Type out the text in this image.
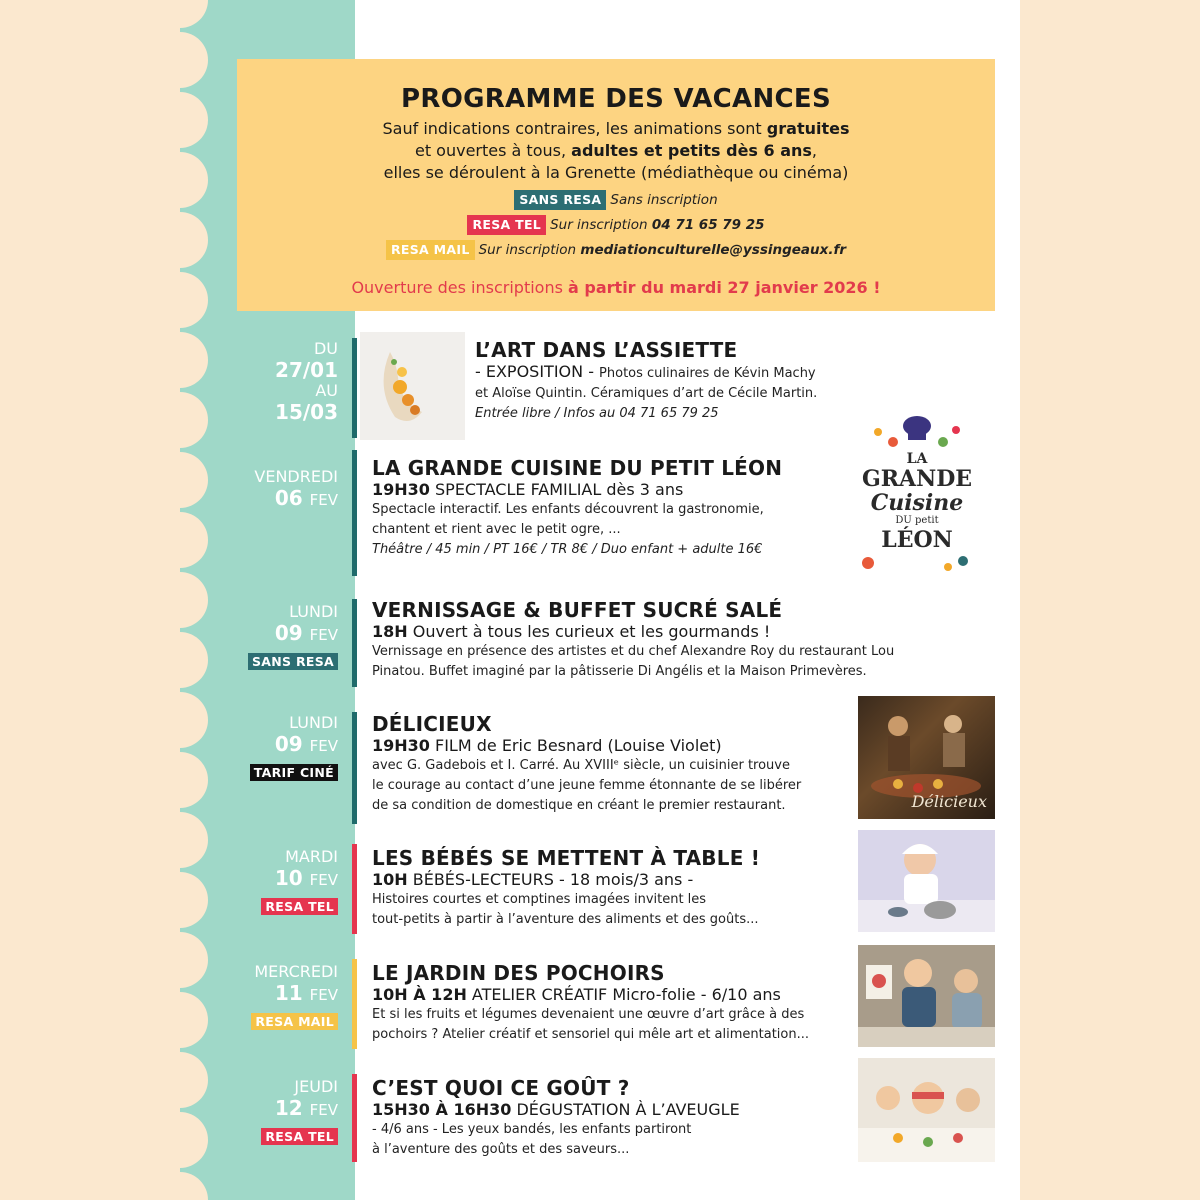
PROGRAMME DES VACANCES
Sauf indications contraires, les animations sont gratuites
et ouvertes à tous, adultes et petits dès 6 ans,
elles se déroulent à la Grenette (médiathèque ou cinéma)
SANS RESA Sans inscription
RESA TEL Sur inscription 04 71 65 79 25
RESA MAIL Sur inscription mediationculturelle@yssingeaux.fr
Ouverture des inscriptions à partir du mardi 27 janvier 2026 !
DU
27/01
AU
15/03
L’ART DANS L’ASSIETTE
- EXPOSITION - Photos culinaires de Kévin Machy
et Aloïse Quintin. Céramiques d’art de Cécile Martin.
Entrée libre / Infos au 04 71 65 79 25
VENDREDI
06 FEV
LA GRANDE CUISINE DU PETIT LÉON
19H30 SPECTACLE FAMILIAL dès 3 ans
Spectacle interactif. Les enfants découvrent la gastronomie,
chantent et rient avec le petit ogre, ...
Théâtre / 45 min / PT 16€ / TR 8€ / Duo enfant + adulte 16€
LA
GRANDE
Cuisine
DU petit
LÉON
LUNDI
09 FEV
SANS RESA
VERNISSAGE & BUFFET SUCRÉ SALÉ
18H Ouvert à tous les curieux et les gourmands !
Vernissage en présence des artistes et du chef Alexandre Roy du restaurant Lou
Pinatou. Buffet imaginé par la pâtisserie Di Angélis et la Maison Primevères.
LUNDI
09 FEV
TARIF CINÉ
DÉLICIEUX
19H30 FILM de Eric Besnard (Louise Violet)
avec G. Gadebois et I. Carré. Au XVIIIᵉ siècle, un cuisinier trouve
le courage au contact d’une jeune femme étonnante de se libérer
de sa condition de domestique en créant le premier restaurant.	Délicieux
MARDI
10 FEV
RESA TEL
LES BÉBÉS SE METTENT À TABLE !
10H BÉBÉS-LECTEURS - 18 mois/3 ans -
Histoires courtes et comptines imagées invitent les
tout-petits à partir à l’aventure des aliments et des goûts...
MERCREDI
11 FEV
RESA MAIL
LE JARDIN DES POCHOIRS
10H À 12H ATELIER CRÉATIF Micro-folie - 6/10 ans
Et si les fruits et légumes devenaient une œuvre d’art grâce à des
pochoirs ? Atelier créatif et sensoriel qui mêle art et alimentation...
JEUDI
12 FEV
RESA TEL
C’EST QUOI CE GOÛT ?
15H30 À 16H30 DÉGUSTATION À L’AVEUGLE
- 4/6 ans - Les yeux bandés, les enfants partiront
à l’aventure des goûts et des saveurs...
